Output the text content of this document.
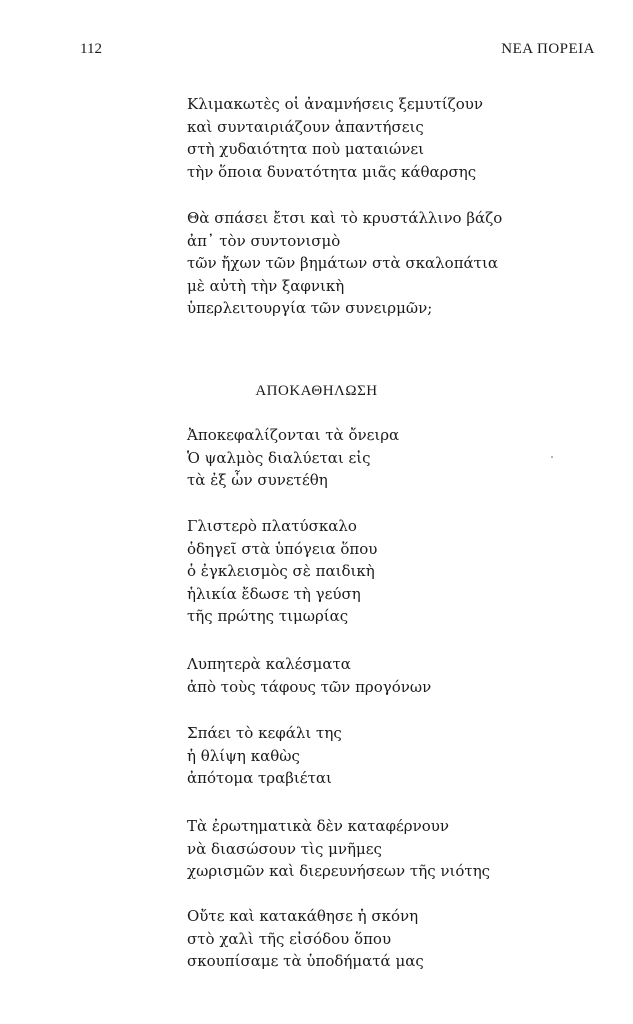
112	ΝΕΑ ΠΟΡΕΙΑ
Κλιμακωτὲς οἱ ἀναμνήσεις ξεμυτίζουν
καὶ συνταιριάζουν ἀπαντήσεις
στὴ χυδαιότητα ποὺ ματαιώνει
τὴν ὅποια δυνατότητα μιᾶς κάθαρσης
Θὰ σπάσει ἔτσι καὶ τὸ κρυστάλλινο βάζο
ἀπ᾽ τὸν συντονισμὸ
τῶν ἤχων τῶν βημάτων στὰ σκαλοπάτια
μὲ αὐτὴ τὴν ξαφνικὴ
ὑπερλειτουργία τῶν συνειρμῶν;
ΑΠΟΚΑΘΗΛΩΣΗ
Ἀποκεφαλίζονται τὰ ὄνειρα
Ὁ ψαλμὸς διαλύεται εἰς
τὰ ἐξ ὧν συνετέθη
Γλιστερὸ πλατύσκαλο
ὁδηγεῖ στὰ ὑπόγεια ὅπου
ὁ ἐγκλεισμὸς σὲ παιδικὴ
ἡλικία ἔδωσε τὴ γεύση
τῆς πρώτης τιμωρίας
Λυπητερὰ καλέσματα
ἀπὸ τοὺς τάφους τῶν προγόνων
Σπάει τὸ κεφάλι της
ἡ θλίψη καθὼς
ἀπότομα τραβιέται
Τὰ ἐρωτηματικὰ δὲν καταφέρνουν
νὰ διασώσουν τὶς μνῆμες
χωρισμῶν καὶ διερευνήσεων τῆς νιότης
Οὔτε καὶ κατακάθησε ἡ σκόνη
στὸ χαλὶ τῆς εἰσόδου ὅπου
σκουπίσαμε τὰ ὑποδήματά μας
